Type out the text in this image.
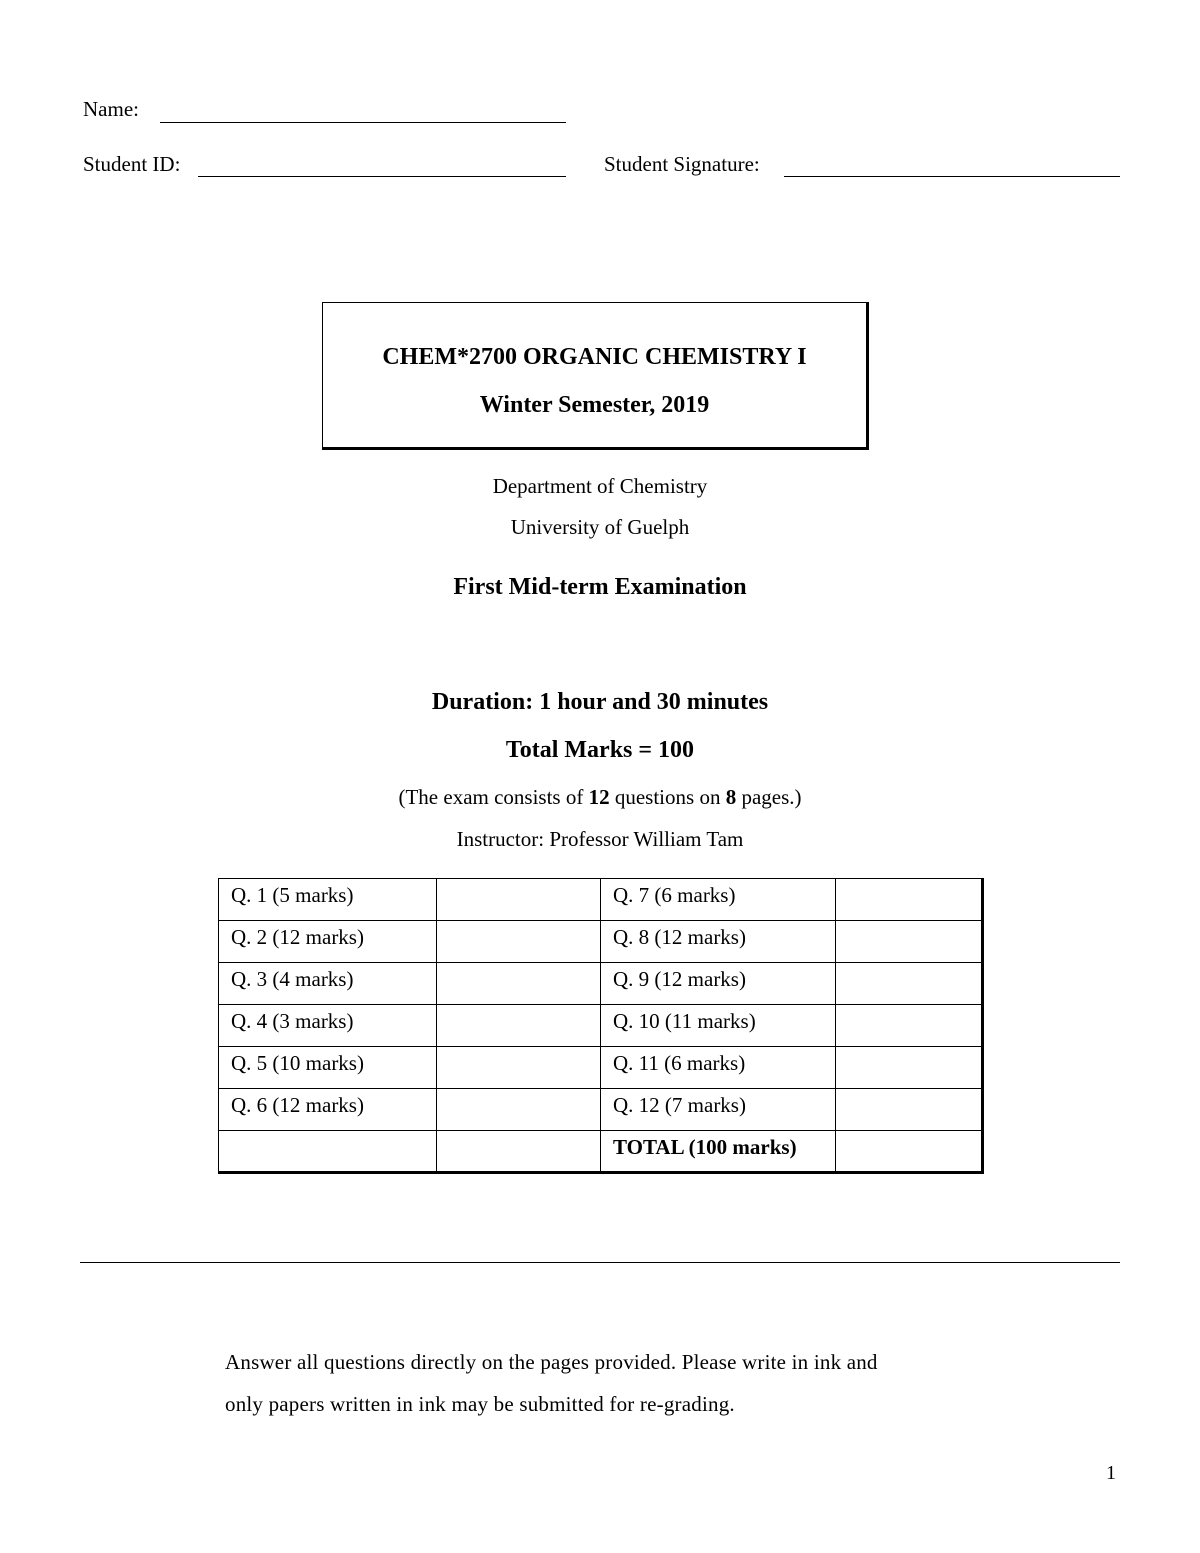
Name:
Student ID:	Student Signature:
CHEM*2700 ORGANIC CHEMISTRY I
Winter Semester, 2019
Department of Chemistry
University of Guelph
First Mid-term Examination
Duration: 1 hour and 30 minutes
Total Marks = 100
(The exam consists of 12 questions on 8 pages.)
Instructor: Professor William Tam
Q. 1 (5 marks)		Q. 7 (6 marks)	
Q. 2 (12 marks)		Q. 8 (12 marks)	
Q. 3 (4 marks)		Q. 9 (12 marks)	
Q. 4 (3 marks)		Q. 10 (11 marks)	
Q. 5 (10 marks)		Q. 11 (6 marks)	
Q. 6 (12 marks)		Q. 12 (7 marks)	
		TOTAL (100 marks)	
Answer all questions directly on the pages provided. Please write in ink and
only papers written in ink may be submitted for re-grading.
1
